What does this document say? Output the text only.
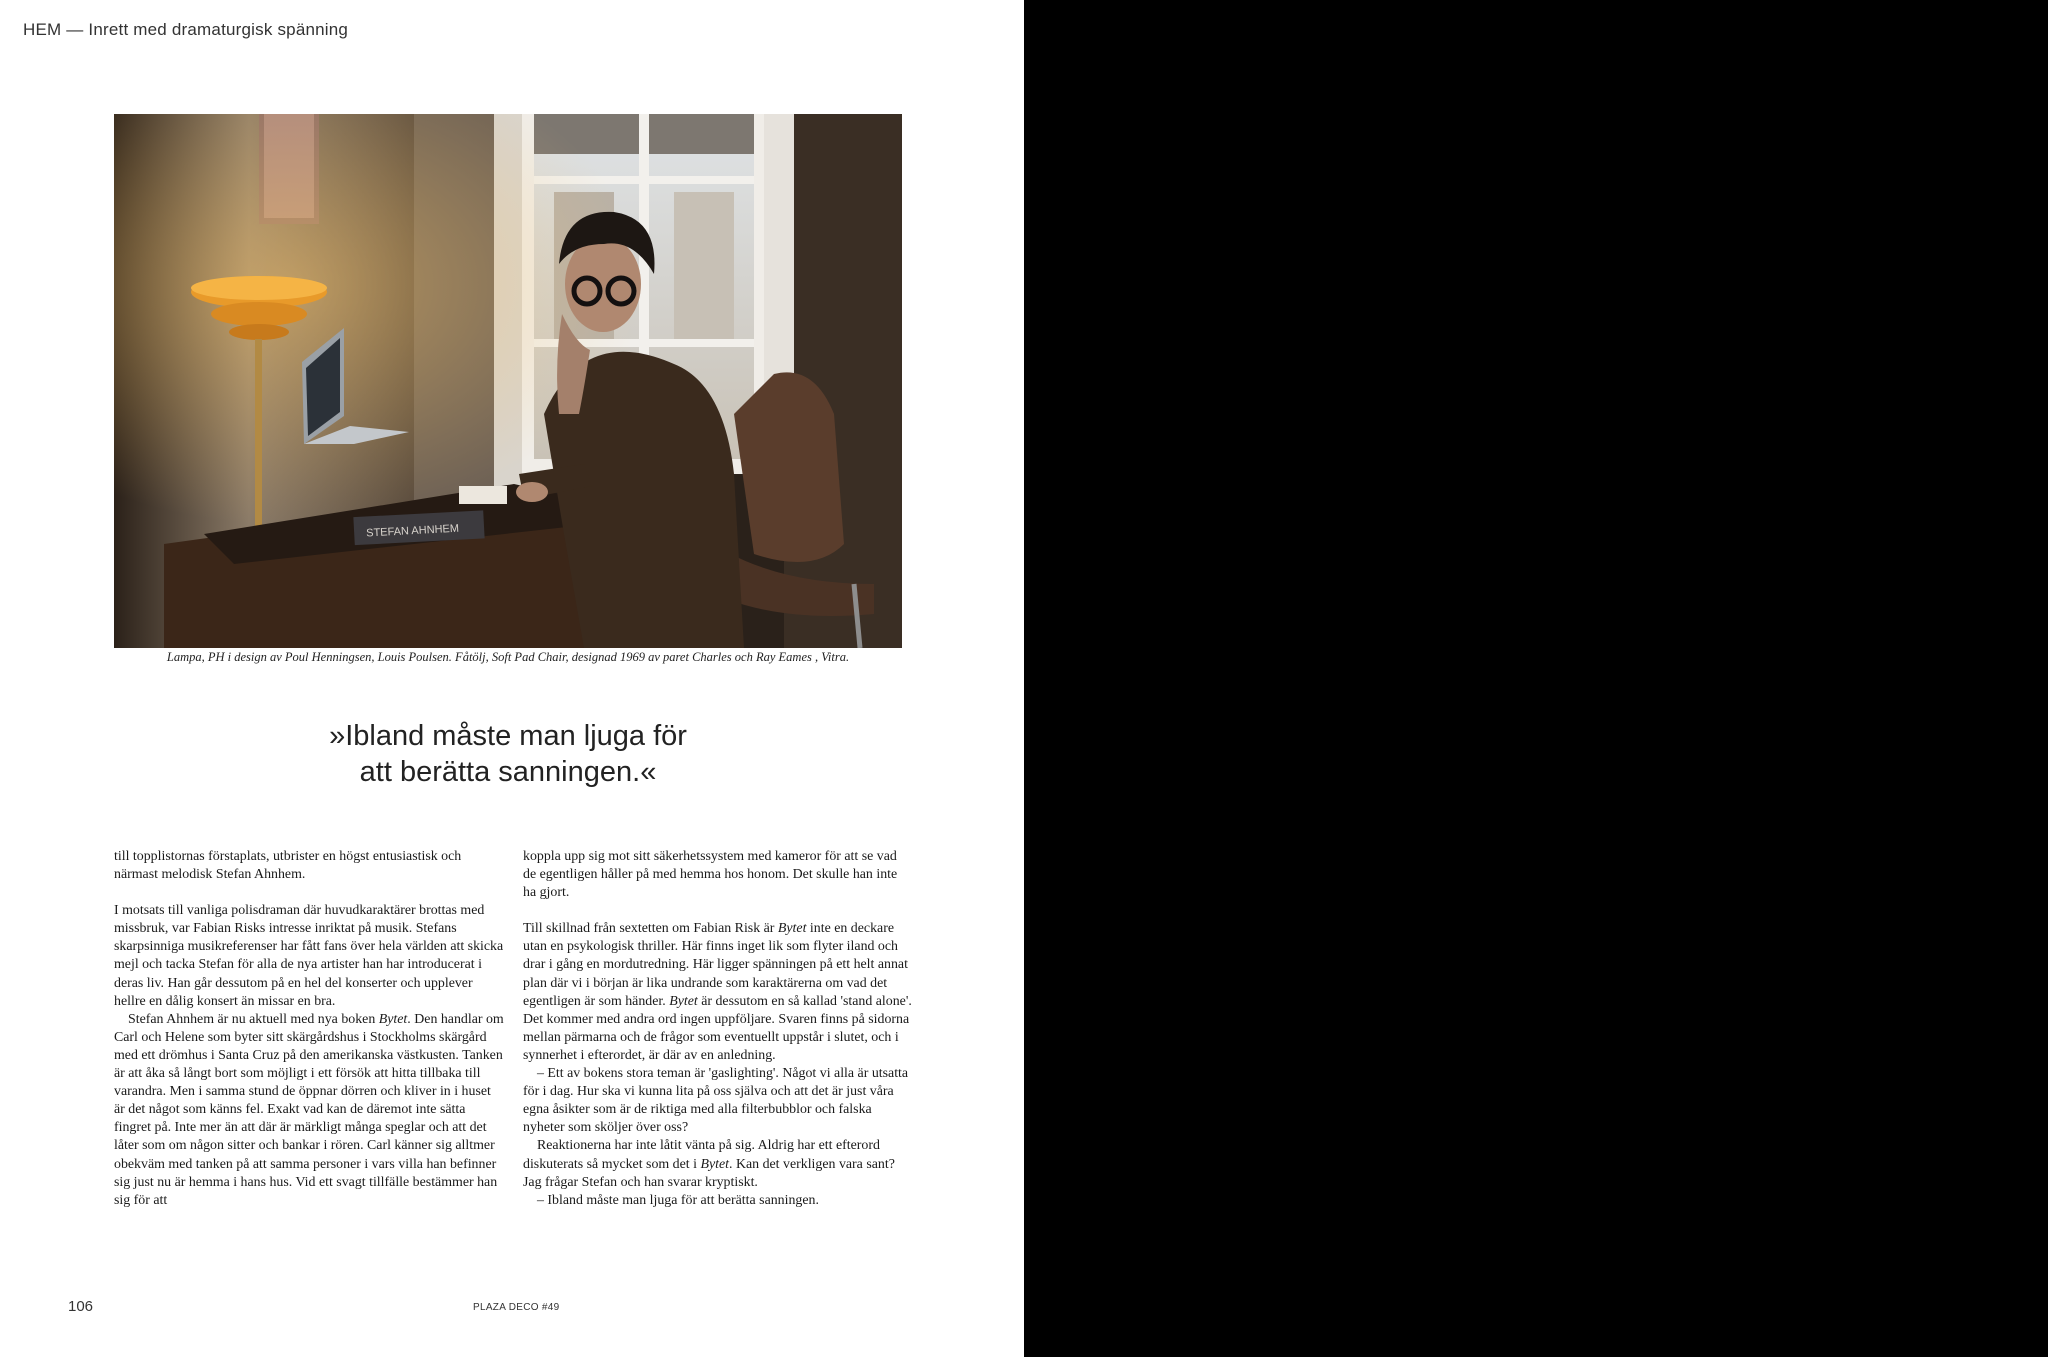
HEM — Inrett med dramaturgisk spänning
STEFAN AHNHEM
Lampa, PH i design av Poul Henningsen, Louis Poulsen. Fåtölj, Soft Pad Chair, designad 1969 av paret Charles och Ray Eames , Vitra.
»Ibland måste man ljuga för
att berätta sanningen.«

till topplistornas förstaplats, utbrister en högst entusiastisk och närmast melodisk Stefan Ahnhem.

I motsats till vanliga polisdraman där huvudkaraktärer brottas med missbruk, var Fabian Risks intresse inriktat på musik. Stefans skarpsinniga musikreferenser har fått fans över hela världen att skicka mejl och tacka Stefan för alla de nya artister han har introducerat i deras liv. Han går dessutom på en hel del konserter och upplever hellre en dålig konsert än missar en bra.

Stefan Ahnhem är nu aktuell med nya boken Bytet. Den handlar om Carl och Helene som byter sitt skärgårdshus i Stockholms skärgård med ett drömhus i Santa Cruz på den amerikanska västkusten. Tanken är att åka så långt bort som möjligt i ett försök att hitta tillbaka till varandra. Men i samma stund de öppnar dörren och kliver in i huset är det något som känns fel. Exakt vad kan de däremot inte sätta fingret på. Inte mer än att där är märkligt många speglar och att det låter som om någon sitter och bankar i rören. Carl känner sig alltmer obekväm med tanken på att samma personer i vars villa han befinner sig just nu är hemma i hans hus. Vid ett svagt tillfälle bestämmer han sig för att

koppla upp sig mot sitt säkerhetssystem med kameror för att se vad de egentligen håller på med hemma hos honom. Det skulle han inte ha gjort.

Till skillnad från sextetten om Fabian Risk är Bytet inte en deckare utan en psykologisk thriller. Här finns inget lik som flyter iland och drar i gång en mordutredning. Här ligger spänningen på ett helt annat plan där vi i början är lika undrande som karaktärerna om vad det egentligen är som händer. Bytet är dessutom en så kallad 'stand alone'. Det kommer med andra ord ingen uppföljare. Svaren finns på sidorna mellan pärmarna och de frågor som eventuellt uppstår i slutet, och i synnerhet i efterordet, är där av en anledning.

– Ett av bokens stora teman är 'gaslighting'. Något vi alla är utsatta för i dag. Hur ska vi kunna lita på oss själva och att det är just våra egna åsikter som är de riktiga med alla filterbubblor och falska nyheter som sköljer över oss?

Reaktionerna har inte låtit vänta på sig. Aldrig har ett efterord diskuterats så mycket som det i Bytet. Kan det verkligen vara sant? Jag frågar Stefan och han svarar kryptiskt.

– Ibland måste man ljuga för att berätta sanningen.

106	PLAZA DECO #49
